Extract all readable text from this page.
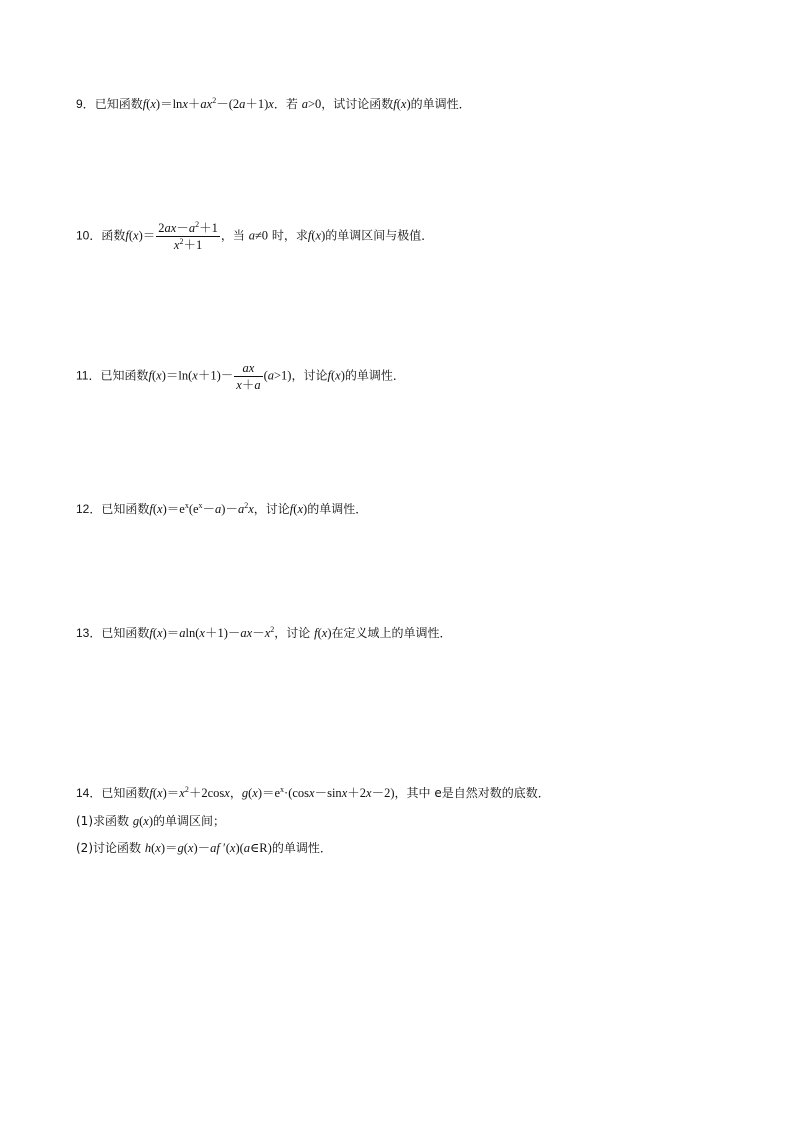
9．已知函数$f(x)=\ln x+ax^2-(2a+1)x$．若 a>0，试讨论函数f(x)的单调性．
10．函数$f(x)= \frac{2ax-a^2+1}{x^2+1}$ ，当 a≠0 时，求f(x)的单调区间与极值．
11．已知函数$f(x)=\ln(x+1)- \frac{ax}{x+a} (a>1)$，讨论f(x)的单调性．
12．已知函数$f(x)=e^x(e^x-a)-a^2x$，讨论f(x)的单调性．
13．已知函数$f(x)=aln(x+1)-ax-x^2$，讨论 f(x)在定义域上的单调性．
14．已知函数$f(x)=x^2+2\cos x$，$g(x)=e^x\cdot(\cos x-\sin x+2x-2)$，其中 e是自然对数的底数．
(1)求函数 g(x)的单调区间；
(2)讨论函数 h(x)＝g(x)－af ′(x)(a∈R)的单调性．
